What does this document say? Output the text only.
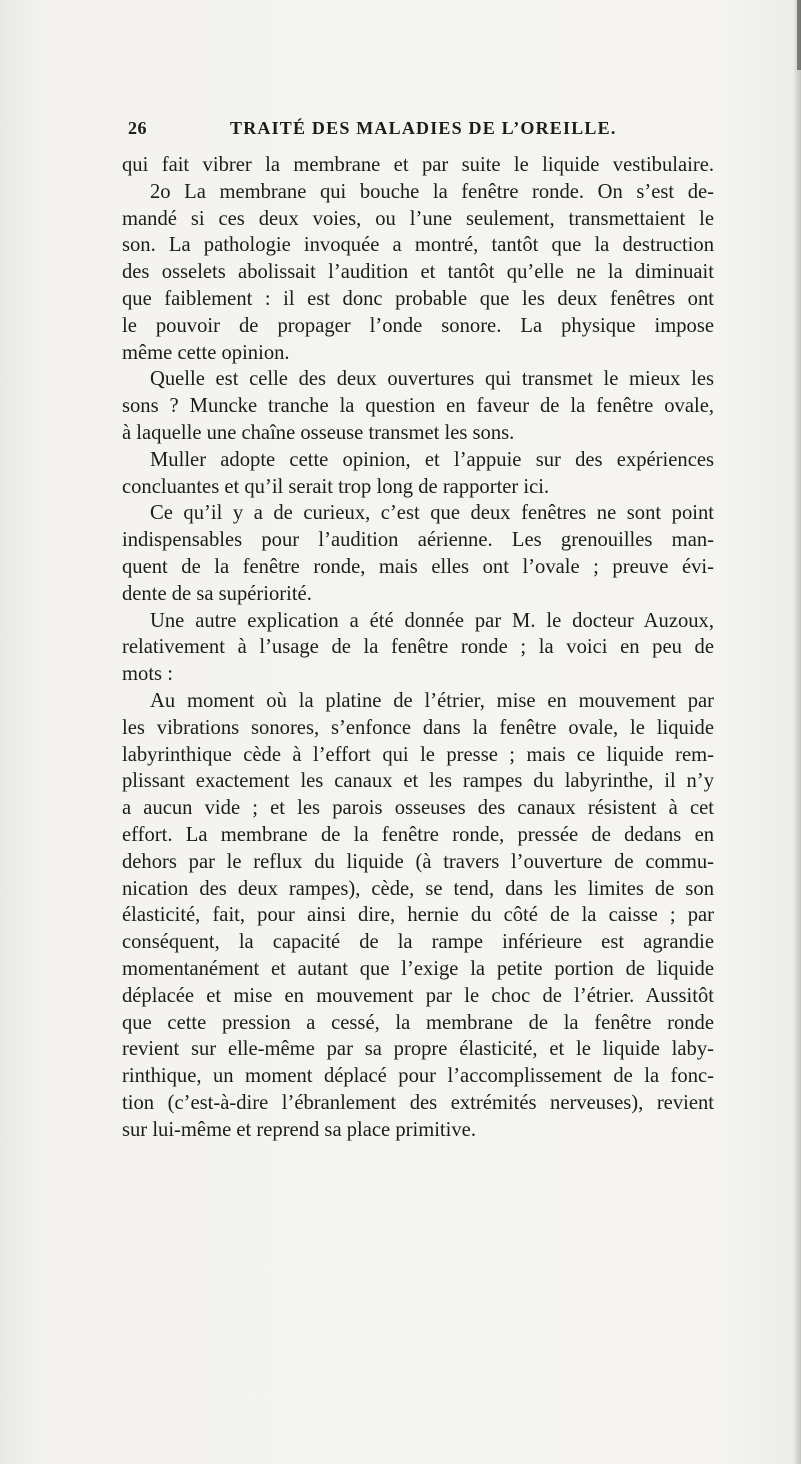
26	TRAITÉ DES MALADIES DE L’OREILLE.
qui fait vibrer la membrane et par suite le liquide vestibulaire.
2o La membrane qui bouche la fenêtre ronde. On s’est de-
mandé si ces deux voies, ou l’une seulement, transmettaient le
son. La pathologie invoquée a montré, tantôt que la destruction
des osselets abolissait l’audition et tantôt qu’elle ne la diminuait
que faiblement : il est donc probable que les deux fenêtres ont
le pouvoir de propager l’onde sonore. La physique impose
même cette opinion.
Quelle est celle des deux ouvertures qui transmet le mieux les
sons ? Muncke tranche la question en faveur de la fenêtre ovale,
à laquelle une chaîne osseuse transmet les sons.
Muller adopte cette opinion, et l’appuie sur des expériences
concluantes et qu’il serait trop long de rapporter ici.
Ce qu’il y a de curieux, c’est que deux fenêtres ne sont point
indispensables pour l’audition aérienne. Les grenouilles man-
quent de la fenêtre ronde, mais elles ont l’ovale ; preuve évi-
dente de sa supériorité.
Une autre explication a été donnée par M. le docteur Auzoux,
relativement à l’usage de la fenêtre ronde ; la voici en peu de
mots :
Au moment où la platine de l’étrier, mise en mouvement par
les vibrations sonores, s’enfonce dans la fenêtre ovale, le liquide
labyrinthique cède à l’effort qui le presse ; mais ce liquide rem-
plissant exactement les canaux et les rampes du labyrinthe, il n’y
a aucun vide ; et les parois osseuses des canaux résistent à cet
effort. La membrane de la fenêtre ronde, pressée de dedans en
dehors par le reflux du liquide (à travers l’ouverture de commu-
nication des deux rampes), cède, se tend, dans les limites de son
élasticité, fait, pour ainsi dire, hernie du côté de la caisse ; par
conséquent, la capacité de la rampe inférieure est agrandie
momentanément et autant que l’exige la petite portion de liquide
déplacée et mise en mouvement par le choc de l’étrier. Aussitôt
que cette pression a cessé, la membrane de la fenêtre ronde
revient sur elle-même par sa propre élasticité, et le liquide laby-
rinthique, un moment déplacé pour l’accomplissement de la fonc-
tion (c’est-à-dire l’ébranlement des extrémités nerveuses), revient
sur lui-même et reprend sa place primitive.
